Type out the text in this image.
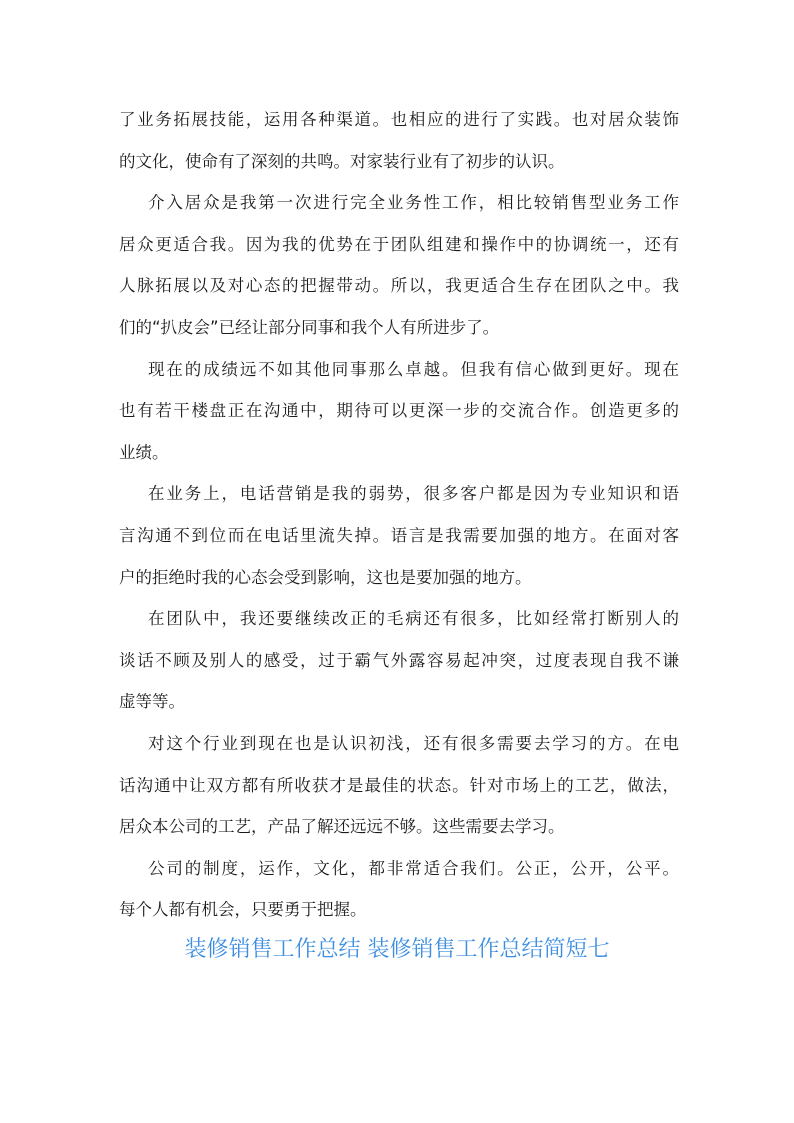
了业务拓展技能，运用各种渠道。也相应的进行了实践。也对居众装饰
的文化，使命有了深刻的共鸣。对家装行业有了初步的认识。
介入居众是我第一次进行完全业务性工作，相比较销售型业务工作
居众更适合我。因为我的优势在于团队组建和操作中的协调统一，还有
人脉拓展以及对心态的把握带动。所以，我更适合生存在团队之中。我
们的“扒皮会”已经让部分同事和我个人有所进步了。
现在的成绩远不如其他同事那么卓越。但我有信心做到更好。现在
也有若干楼盘正在沟通中，期待可以更深一步的交流合作。创造更多的
业绩。
在业务上，电话营销是我的弱势，很多客户都是因为专业知识和语
言沟通不到位而在电话里流失掉。语言是我需要加强的地方。在面对客
户的拒绝时我的心态会受到影响，这也是要加强的地方。
在团队中，我还要继续改正的毛病还有很多，比如经常打断别人的
谈话不顾及别人的感受，过于霸气外露容易起冲突，过度表现自我不谦
虚等等。
对这个行业到现在也是认识初浅，还有很多需要去学习的方。在电
话沟通中让双方都有所收获才是最佳的状态。针对市场上的工艺，做法，
居众本公司的工艺，产品了解还远远不够。这些需要去学习。
公司的制度，运作，文化，都非常适合我们。公正，公开，公平。
每个人都有机会，只要勇于把握。
装修销售工作总结 装修销售工作总结简短七
